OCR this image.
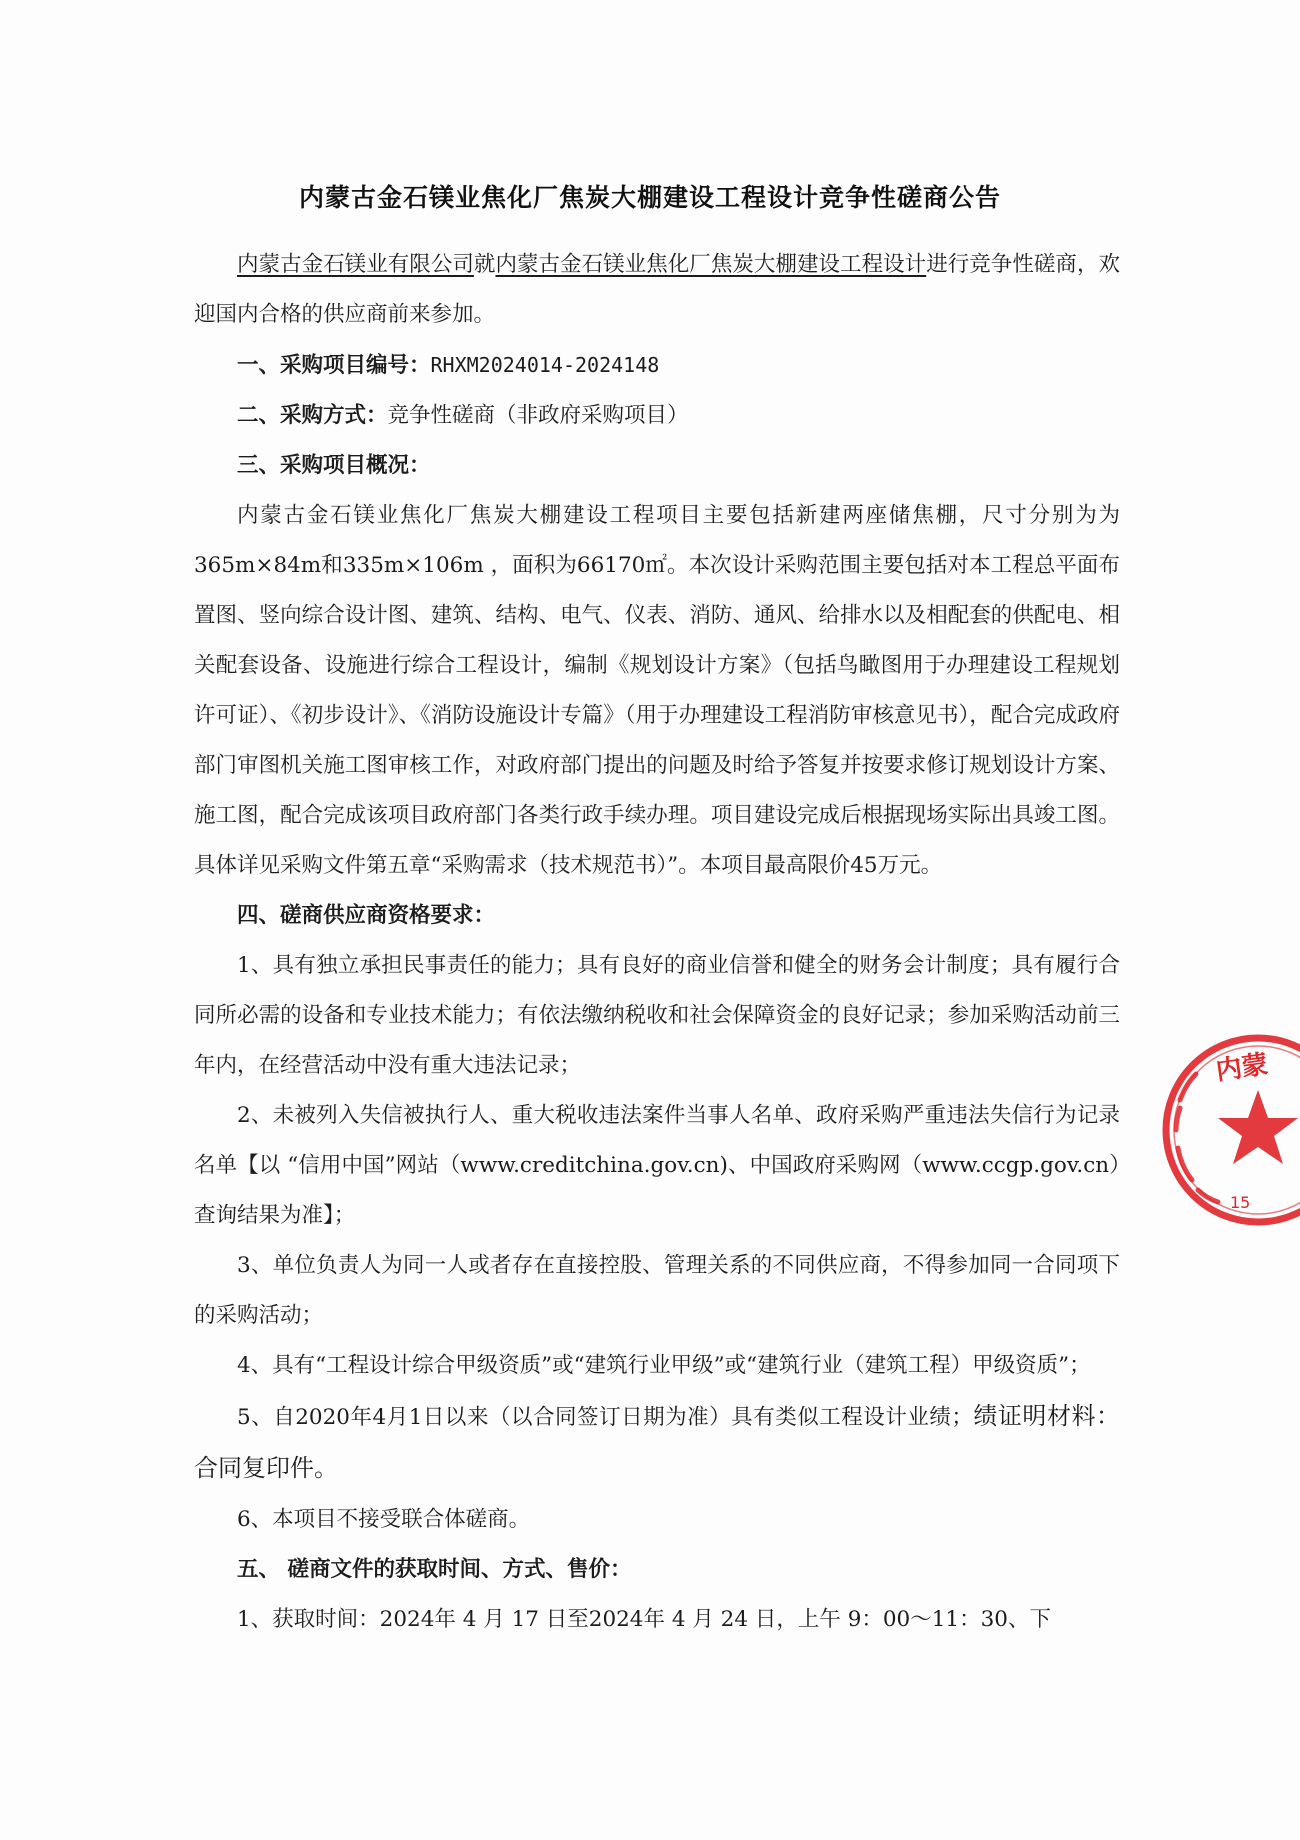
内蒙古金石镁业焦化厂焦炭大棚建设工程设计竞争性磋商公告

内蒙古金石镁业有限公司就内蒙古金石镁业焦化厂焦炭大棚建设工程设计进行竞争性磋商，欢迎国内合格的供应商前来参加。

一、采购项目编号：RHXM2024014-2024148

二、采购方式：竞争性磋商（非政府采购项目）

三、采购项目概况：

内蒙古金石镁业焦化厂焦炭大棚建设工程项目主要包括新建两座储焦棚，尺寸分别为为365m×84m和335m×106m ，面积为66170㎡。本次设计采购范围主要包括对本工程总平面布置图、竖向综合设计图、建筑、结构、电气、仪表、消防、通风、给排水以及相配套的供配电、相关配套设备、设施进行综合工程设计，编制《规划设计方案》（包括鸟瞰图用于办理建设工程规划许可证）、《初步设计》、《消防设施设计专篇》（用于办理建设工程消防审核意见书），配合完成政府部门审图机关施工图审核工作，对政府部门提出的问题及时给予答复并按要求修订规划设计方案、施工图，配合完成该项目政府部门各类行政手续办理。项目建设完成后根据现场实际出具竣工图。具体详见采购文件第五章“采购需求（技术规范书）”。本项目最高限价45万元。

四、磋商供应商资格要求：

1、具有独立承担民事责任的能力；具有良好的商业信誉和健全的财务会计制度；具有履行合同所必需的设备和专业技术能力；有依法缴纳税收和社会保障资金的良好记录；参加采购活动前三年内，在经营活动中没有重大违法记录；

2、未被列入失信被执行人、重大税收违法案件当事人名单、政府采购严重违法失信行为记录名单【以 “信用中国”网站（www.creditchina.gov.cn)、中国政府采购网（www.ccgp.gov.cn）查询结果为准】；

3、单位负责人为同一人或者存在直接控股、管理关系的不同供应商，不得参加同一合同项下的采购活动；

4、具有“工程设计综合甲级资质”或“建筑行业甲级”或“建筑行业（建筑工程）甲级资质”；

5、自2020年4月1日以来（以合同签订日期为准）具有类似工程设计业绩；绩证明材料：合同复印件。

6、本项目不接受联合体磋商。

五、 磋商文件的获取时间、方式、售价：

1、获取时间：2024年 4 月 17 日至2024年 4 月 24 日，上午 9：00～11：30、下

内蒙
15
